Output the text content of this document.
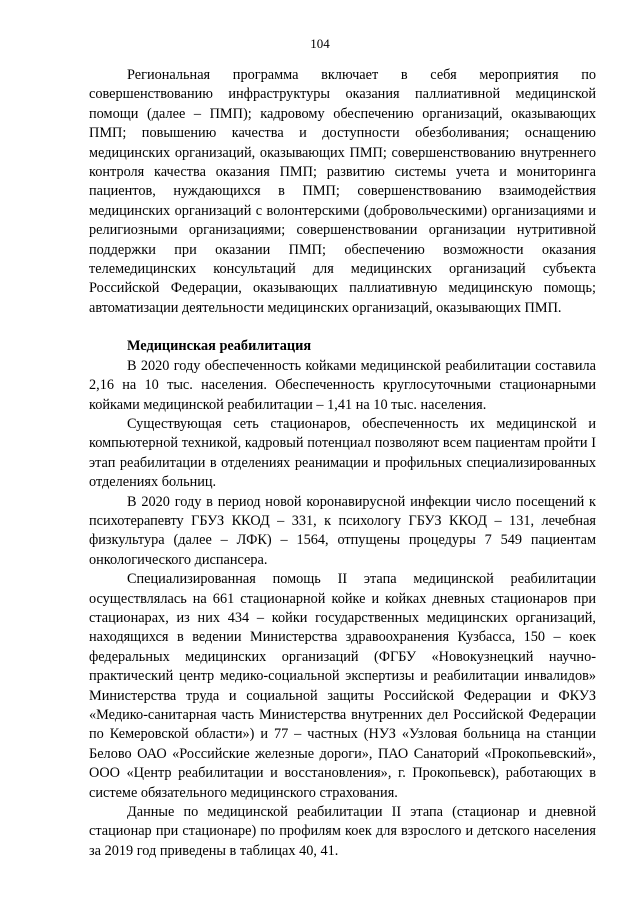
104

Региональная программа включает в себя мероприятия по совершенствованию инфраструктуры оказания паллиативной медицинской помощи (далее – ПМП); кадровому обеспечению организаций, оказывающих ПМП; повышению качества и доступности обезболивания; оснащению медицинских организаций, оказывающих ПМП; совершенствованию внутреннего контроля качества оказания ПМП; развитию системы учета и мониторинга пациентов, нуждающихся в ПМП; совершенствованию взаимодействия медицинских организаций с волонтерскими (добровольческими) организациями и религиозными организациями; совершенствовании организации нутритивной поддержки при оказании ПМП; обеспечению возможности оказания телемедицинских консультаций для медицинских организаций субъекта Российской Федерации, оказывающих паллиативную медицинскую помощь; автоматизации деятельности медицинских организаций, оказывающих ПМП.

Медицинская реабилитация

В 2020 году обеспеченность койками медицинской реабилитации составила 2,16 на 10 тыс. населения. Обеспеченность круглосуточными стационарными койками медицинской реабилитации – 1,41 на 10 тыс. населения.

Существующая сеть стационаров, обеспеченность их медицинской и компьютерной техникой, кадровый потенциал позволяют всем пациентам пройти I этап реабилитации в отделениях реанимации и профильных специализированных отделениях больниц.

В 2020 году в период новой коронавирусной инфекции число посещений к психотерапевту ГБУЗ ККОД – 331, к психологу ГБУЗ ККОД – 131, лечебная физкультура (далее – ЛФК) – 1564, отпущены процедуры 7 549 пациентам онкологического диспансера.

Специализированная помощь II этапа медицинской реабилитации осуществлялась на 661 стационарной койке и койках дневных стационаров при стационарах, из них 434 – койки государственных медицинских организаций, находящихся в ведении Министерства здравоохранения Кузбасса, 150 – коек федеральных медицинских организаций (ФГБУ «Новокузнецкий научно-практический центр медико-социальной экспертизы и реабилитации инвалидов» Министерства труда и социальной защиты Российской Федерации и ФКУЗ «Медико-санитарная часть Министерства внутренних дел Российской Федерации по Кемеровской области») и 77 – частных (НУЗ «Узловая больница на станции Белово ОАО «Российские железные дороги», ПАО Санаторий «Прокопьевский», ООО «Центр реабилитации и восстановления», г. Прокопьевск), работающих в системе обязательного медицинского страхования.

Данные по медицинской реабилитации II этапа (стационар и дневной стационар при стационаре) по профилям коек для взрослого и детского населения за 2019 год приведены в таблицах 40, 41.
